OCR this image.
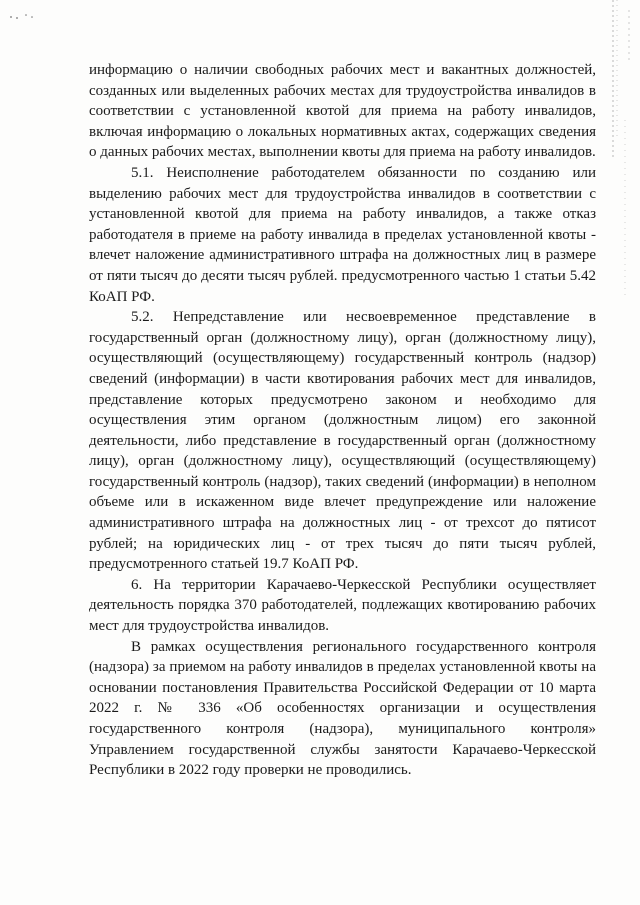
информацию о наличии свободных рабочих мест и вакантных должностей, созданных или выделенных рабочих местах для трудоустройства инвалидов в соответствии с установленной квотой для приема на работу инвалидов, включая информацию о локальных нормативных актах, содержащих сведения о данных рабочих местах, выполнении квоты для приема на работу инвалидов.

5.1. Неисполнение работодателем обязанности по созданию или выделению рабочих мест для трудоустройства инвалидов в соответствии с установленной квотой для приема на работу инвалидов, а также отказ работодателя в приеме на работу инвалида в пределах установленной квоты - влечет наложение административного штрафа на должностных лиц в размере от пяти тысяч до десяти тысяч рублей. предусмотренного частью 1 статьи 5.42 КоАП РФ.

5.2. Непредставление или несвоевременное представление в государственный орган (должностному лицу), орган (должностному лицу), осуществляющий (осуществляющему) государственный контроль (надзор) сведений (информации) в части квотирования рабочих мест для инвалидов, представление которых предусмотрено законом и необходимо для осуществления этим органом (должностным лицом) его законной деятельности, либо представление в государственный орган (должностному лицу), орган (должностному лицу), осуществляющий (осуществляющему) государственный контроль (надзор), таких сведений (информации) в неполном объеме или в искаженном виде влечет предупреждение или наложение административного штрафа на должностных лиц - от трехсот до пятисот рублей; на юридических лиц - от трех тысяч до пяти тысяч рублей, предусмотренного статьей 19.7 КоАП РФ.

6. На территории Карачаево-Черкесской Республики осуществляет деятельность порядка 370 работодателей, подлежащих квотированию рабочих мест для трудоустройства инвалидов.

В рамках осуществления регионального государственного контроля (надзора) за приемом на работу инвалидов в пределах установленной квоты на основании постановления Правительства Российской Федерации от 10 марта 2022 г. № 336 «Об особенностях организации и осуществления государственного контроля (надзора), муниципального контроля» Управлением государственной службы занятости Карачаево-Черкесской Республики в 2022 году проверки не проводились.
